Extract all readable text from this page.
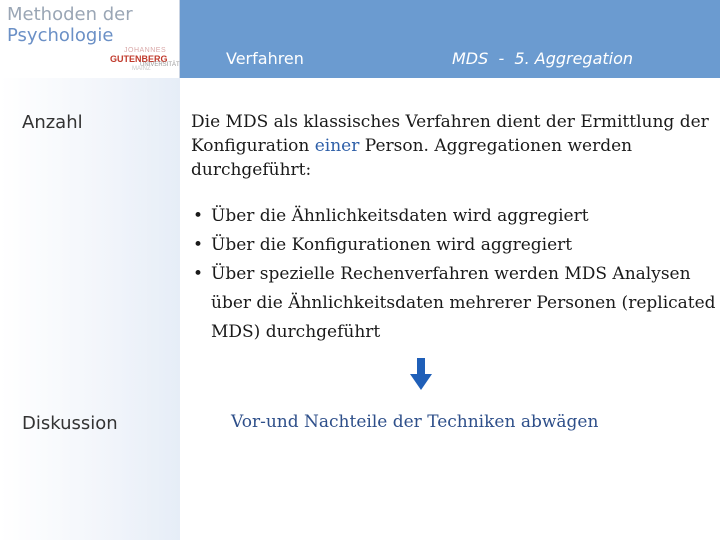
Methoden der
Psychologie
JOHANNES
GUTENBERG
UNIVERSITÄT
MAINZ
Verfahren	MDS  -  5. Aggregation
Anzahl
Diskussion

Die MDS als klassisches Verfahren dient der Ermittlung der Konfiguration einer Person. Aggregationen werden durchgeführt:

• Über die Ähnlichkeitsdaten wird aggregiert
• Über die Konfigurationen wird aggregiert
• Über spezielle Rechenverfahren werden MDS Analysen über die Ähnlichkeitsdaten mehrerer Personen (replicated MDS) durchgeführt
Vor-und Nachteile der Techniken abwägen
